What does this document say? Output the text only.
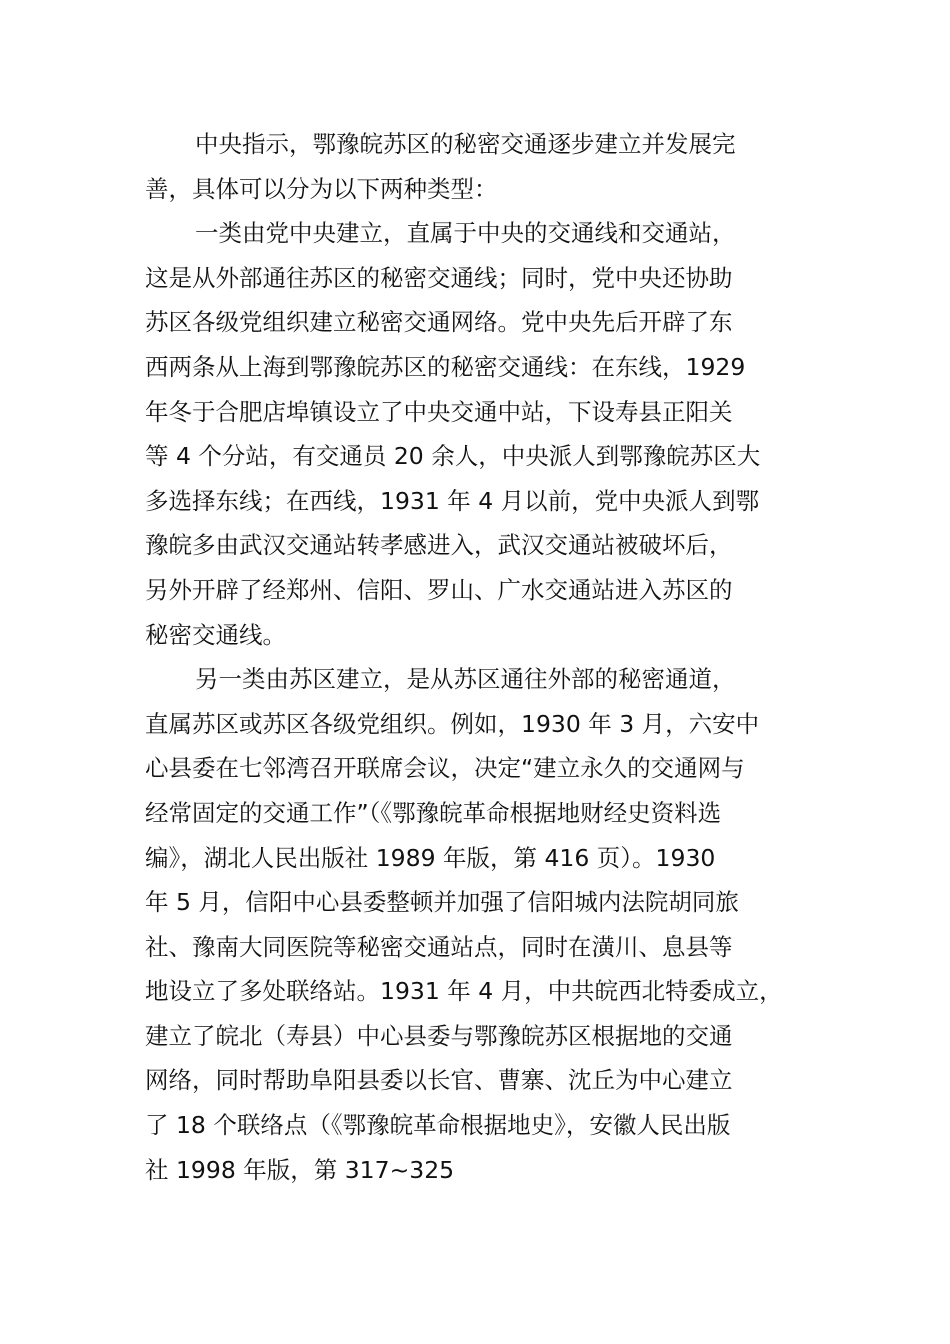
中央指示，鄂豫皖苏区的秘密交通逐步建立并发展完
善，具体可以分为以下两种类型：
一类由党中央建立，直属于中央的交通线和交通站，
这是从外部通往苏区的秘密交通线；同时，党中央还协助
苏区各级党组织建立秘密交通网络。党中央先后开辟了东
西两条从上海到鄂豫皖苏区的秘密交通线：在东线，1929
年冬于合肥店埠镇设立了中央交通中站，下设寿县正阳关
等 4 个分站，有交通员 20 余人，中央派人到鄂豫皖苏区大
多选择东线；在西线，1931 年 4 月以前，党中央派人到鄂
豫皖多由武汉交通站转孝感进入，武汉交通站被破坏后，
另外开辟了经郑州、信阳、罗山、广水交通站进入苏区的
秘密交通线。
另一类由苏区建立，是从苏区通往外部的秘密通道，
直属苏区或苏区各级党组织。例如，1930 年 3 月，六安中
心县委在七邻湾召开联席会议，决定“建立永久的交通网与
经常固定的交通工作”（《鄂豫皖革命根据地财经史资料选
编》，湖北人民出版社 1989 年版，第 416 页）。1930
年 5 月，信阳中心县委整顿并加强了信阳城内法院胡同旅
社、豫南大同医院等秘密交通站点，同时在潢川、息县等
地设立了多处联络站。1931 年 4 月，中共皖西北特委成立，
建立了皖北（寿县）中心县委与鄂豫皖苏区根据地的交通
网络，同时帮助阜阳县委以长官、曹寨、沈丘为中心建立
了 18 个联络点（《鄂豫皖革命根据地史》，安徽人民出版
社 1998 年版，第 317~325
